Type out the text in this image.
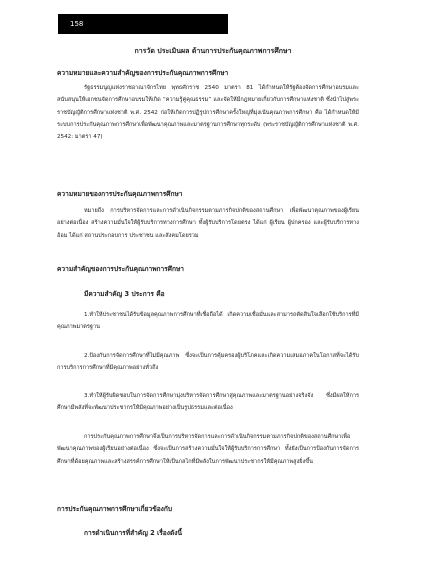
158
การวัด ประเมินผล ด้านการประกันคุณภาพการศึกษา
ความหมายและความสำคัญของการประกันคุณภาพการศึกษา
รัฐธรรมนูญแห่งราชอาณาจักรไทย พุทธศักราช 2540 มาตรา 81 ได้กำหนดให้รัฐต้องจัดการศึกษาอบรมและสนับสนุนให้เอกชนจัดการศึกษาอบรมให้เกิด “ความรู้คู่คุณธรรม” และจัดให้มีกฎหมายเกี่ยวกับการศึกษาแห่งชาติ ซึ่งนำไปสู่พระราชบัญญัติการศึกษาแห่งชาติ พ.ศ. 2542 ก่อให้เกิดการปฏิรูปการศึกษาครั้งใหญ่ที่มุ่งเน้นคุณภาพการศึกษา คือ ได้กำหนดให้มีระบบการประกันคุณภาพการศึกษาเพื่อพัฒนาคุณภาพและมาตรฐานการศึกษาทุกระดับ (พระราชบัญญัติการศึกษาแห่งชาติ พ.ศ. 2542: มาตรา 47)
ความหมายของการประกันคุณภาพการศึกษา
หมายถึง การบริหารจัดการและการดำเนินกิจกรรมตามภารกิจปกติของสถานศึกษา เพื่อพัฒนาคุณภาพของผู้เรียนอย่างต่อเนื่อง สร้างความมั่นใจให้ผู้รับบริการทางการศึกษา ทั้งผู้รับบริการโดยตรง ได้แก่ ผู้เรียน ผู้ปกครอง และผู้รับบริการทางอ้อม ได้แก่ สถานประกอบการ ประชาชน และสังคมโดยรวม
ความสำคัญของการประกันคุณภาพการศึกษา
มีความสำคัญ 3 ประการ คือ
1.ทำให้ประชาชนได้รับข้อมูลคุณภาพการศึกษาที่เชื่อถือได้ เกิดความเชื่อมั่นและสามารถตัดสินใจเลือกใช้บริการที่มีคุณภาพมาตรฐาน
2.ป้องกันการจัดการศึกษาที่ไม่มีคุณภาพ ซึ่งจะเป็นการคุ้มครองผู้บริโภคและเกิดความเสมอภาคในโอกาสที่จะได้รับการบริการการศึกษาที่มีคุณภาพอย่างทั่วถึง
3.ทำให้ผู้รับผิดชอบในการจัดการศึกษามุ่งบริหารจัดการศึกษาสู่คุณภาพและมาตรฐานอย่างจริงจัง ซึ่งมีผลให้การศึกษามีพลังที่จะพัฒนาประชากรให้มีคุณภาพอย่างเป็นรูปธรรมและต่อเนื่อง
การประกันคุณภาพการศึกษาจึงเป็นการบริหารจัดการและการดำเนินกิจกรรมตามภารกิจปกติของสถานศึกษาเพื่อพัฒนาคุณภาพของผู้เรียนอย่างต่อเนื่อง ซึ่งจะเป็นการสร้างความมั่นใจให้ผู้รับบริการการศึกษา ทั้งยังเป็นการป้องกันการจัดการศึกษาที่ด้อยคุณภาพและสร้างสรรค์การศึกษาให้เป็นกลไกที่มีพลังในการพัฒนาประชากรให้มีคุณภาพสูงยิ่งขึ้น
การประกันคุณภาพการศึกษาเกี่ยวข้องกับ
การดำเนินการที่สำคัญ 2 เรื่องดังนี้
